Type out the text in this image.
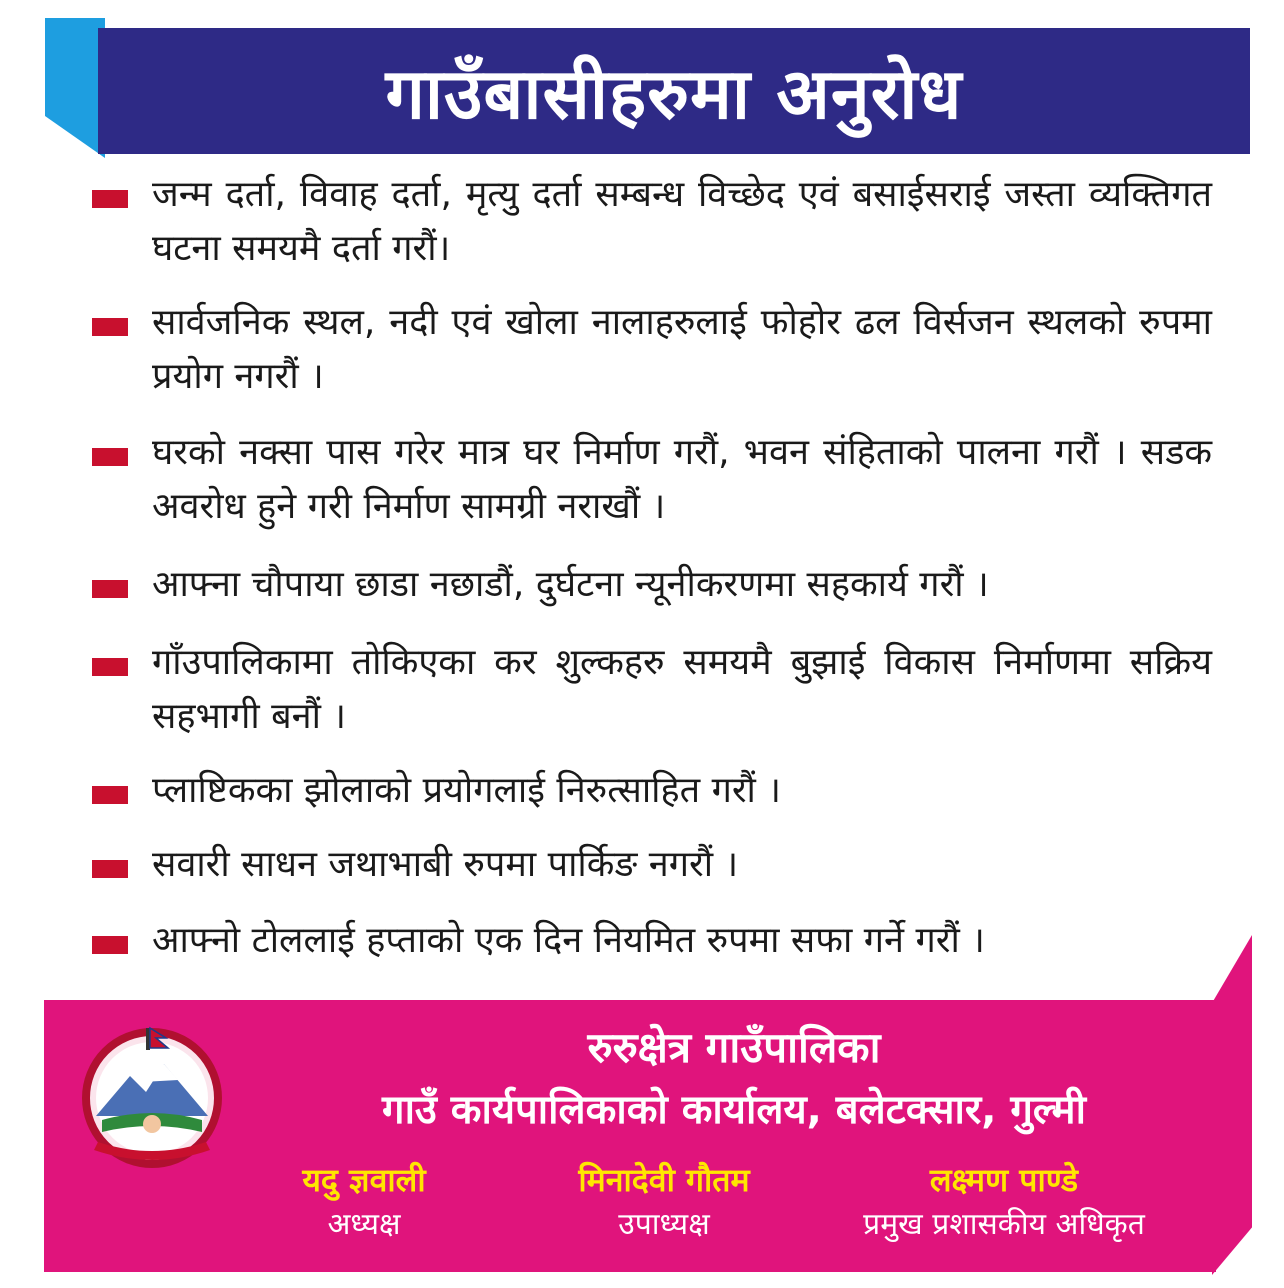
गाउँबासीहरुमा अनुरोध
जन्म दर्ता, विवाह दर्ता, मृत्यु दर्ता सम्बन्ध विच्छेद एवं बसाईसराई जस्ता व्यक्तिगत घटना समयमै दर्ता गरौं।
सार्वजनिक स्थल, नदी एवं खोला नालाहरुलाई फोहोर ढल विर्सजन स्थलको रुपमा प्रयोग नगरौं ।
घरको नक्सा पास गरेर मात्र घर निर्माण गरौं, भवन संहिताको पालना गरौं । सडक अवरोध हुने गरी निर्माण सामग्री नराखौं ।
आफ्ना चौपाया छाडा नछाडौं, दुर्घटना न्यूनीकरणमा सहकार्य गरौं ।
गाँउपालिकामा तोकिएका कर शुल्कहरु समयमै बुझाई विकास निर्माणमा सक्रिय सहभागी बनौं ।
प्लाष्टिकका झोलाको प्रयोगलाई निरुत्साहित गरौं ।
सवारी साधन जथाभाबी रुपमा पार्किङ नगरौं ।
आफ्नो टोललाई हप्ताको एक दिन नियमित रुपमा सफा गर्ने गरौं ।
रुरुक्षेत्र गाउँपालिका
गाउँ कार्यपालिकाको कार्यालय, बलेटक्सार, गुल्मी
यदु ज्ञवाली
अध्यक्ष
मिनादेवी गौतम
उपाध्यक्ष
लक्ष्मण पाण्डे
प्रमुख प्रशासकीय अधिकृत
